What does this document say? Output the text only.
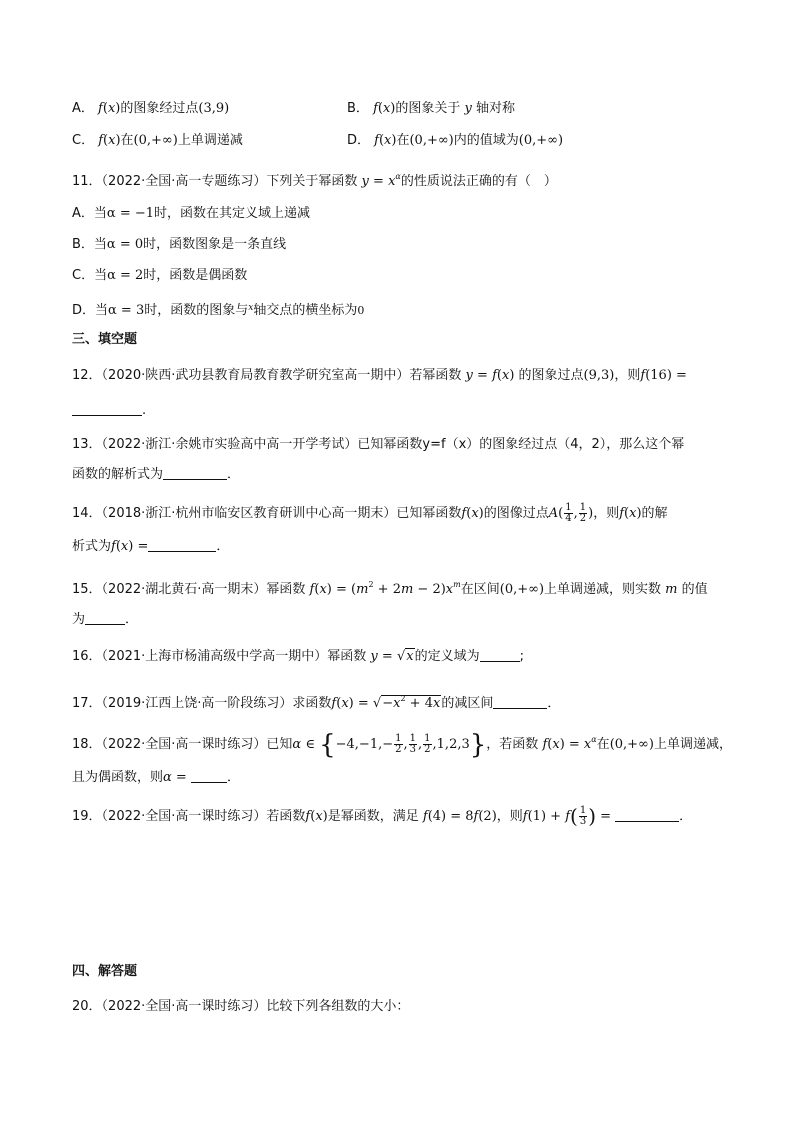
A． f(x)的图象经过点(3,9)	B． f(x)的图象关于 y 轴对称
C． f(x)在(0,+∞)上单调递减	D． f(x)在(0,+∞)内的值域为(0,+∞)
11．（2022·全国·高一专题练习）下列关于幂函数 $y = x^\alpha$的性质说法正确的有（　）
A．当α = −1时，函数在其定义域上递减
B．当α = 0时，函数图象是一条直线
C．当α = 2时，函数是偶函数
D．当α = 3时，函数的图象与$^x$轴交点的横坐标为0
三、填空题
12．（2020·陕西·武功县教育局教育教学研究室高一期中）若幂函数 y = f(x) 的图象过点(9,3)，则f(16) =
.
13．（2022·浙江·余姚市实验高中高一开学考试）已知幂函数y=f（x）的图象经过点（4，2），那么这个幂
函数的解析式为	．
14．（2018·浙江·杭州市临安区教育研训中心高一期末）已知幂函数f(x)的图像过点$A( \frac{1}{4}$ , $\frac{1}{2}$ )，则f(x)的解
析式为f(x) =	．
15．（2022·湖北黄石·高一期末）幂函数 $f(x) = (m^2 + 2m - 2)x^m$在区间(0,+∞)上单调递减，则实数 m 的值
为	．
16．（2021·上海市杨浦高级中学高一期中）幂函数 y = √x的定义域为	;
17．（2019·江西上饶·高一阶段练习）求函数$f(x) = √-x^2 + 4x$的减区间	．
18．（2022·全国·高一课时练习）已知α ∈ {$-4,-1,- \frac{1}{2}$ , $\frac{1}{3}$ , $\frac{1}{2} ,1,2,3$}，若函数 $f(x) = x^\alpha$在(0,+∞)上单调递减，
且为偶函数，则α =	．
19．（2022·全国·高一课时练习）若函数f(x)是幂函数，满足 f(4) = 8f(2)，则$f(1) + f( \frac{1}{3}$ ) =	．
四、解答题
20．（2022·全国·高一课时练习）比较下列各组数的大小：
